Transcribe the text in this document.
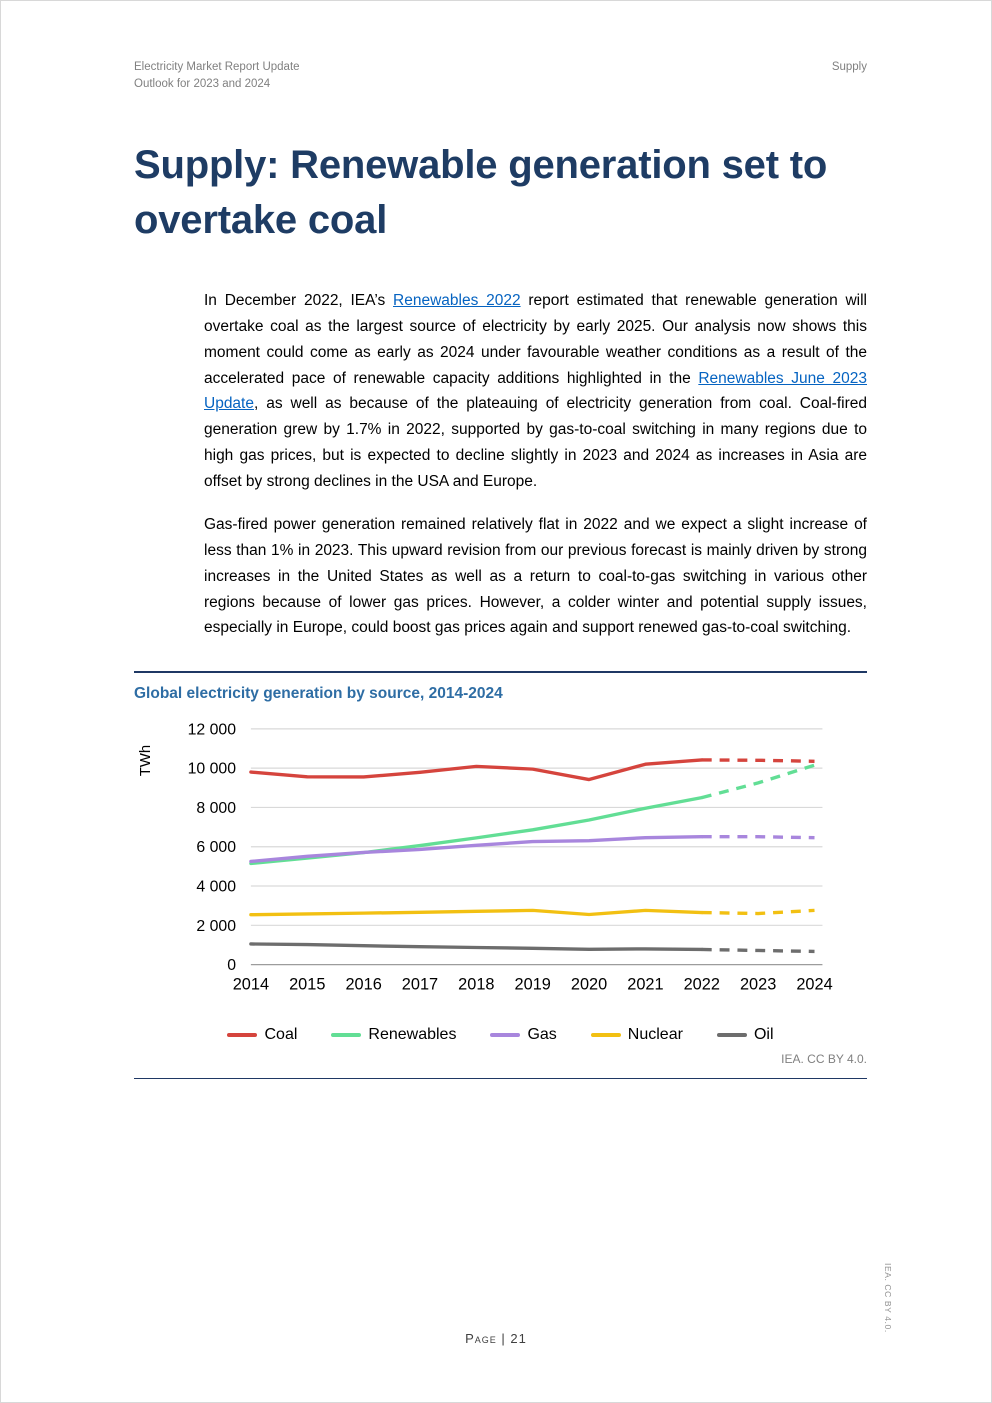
Electricity Market Report Update
Outlook for 2023 and 2024
Supply
Supply: Renewable generation set to overtake coal

In December 2022, IEA’s Renewables 2022 report estimated that renewable generation will overtake coal as the largest source of electricity by early 2025. Our analysis now shows this moment could come as early as 2024 under favourable weather conditions as a result of the accelerated pace of renewable capacity additions highlighted in the Renewables June 2023 Update, as well as because of the plateauing of electricity generation from coal. Coal-fired generation grew by 1.7% in 2022, supported by gas-to-coal switching in many regions due to high gas prices, but is expected to decline slightly in 2023 and 2024 as increases in Asia are offset by strong declines in the USA and Europe.

Gas-fired power generation remained relatively flat in 2022 and we expect a slight increase of less than 1% in 2023. This upward revision from our previous forecast is mainly driven by strong increases in the United States as well as a return to coal-to-gas switching in various other regions because of lower gas prices. However, a colder winter and potential supply issues, especially in Europe, could boost gas prices again and support renewed gas-to-coal switching.

Global electricity generation by source, 2014-2024
0
2 000
4 000
6 000
8 000
10 000
12 000
2014 2015 2016 2017 2018 2019 2020 2021 2022 2023 2024
TWh
Coal	Renewables	Gas	Nuclear	Oil
IEA. CC BY 4.0.
Page | 21
IEA. CC BY 4.0.
